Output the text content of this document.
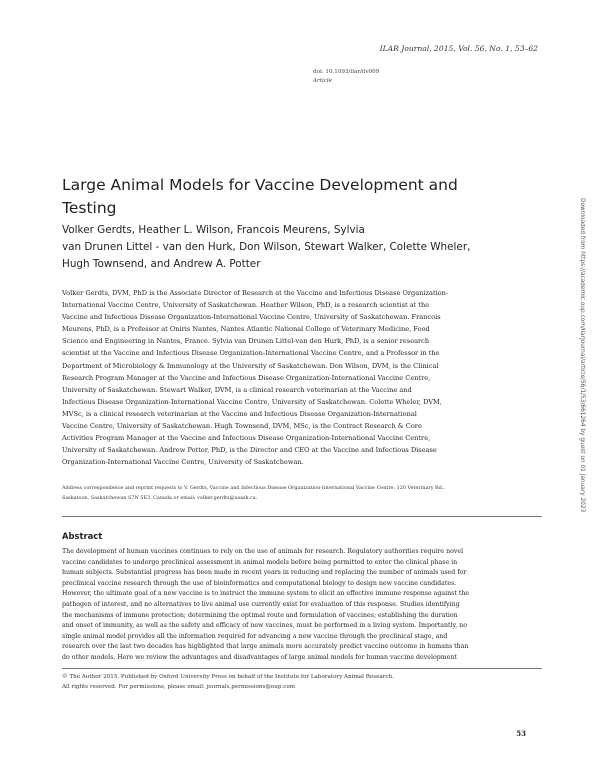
ILAR Journal, 2015, Vol. 56, No. 1, 53–62
doi: 10.1093/ilar/ilv009
Article
Large Animal Models for Vaccine Development and
Testing
Volker Gerdts, Heather L. Wilson, Francois Meurens, Sylvia
van Drunen Littel - van den Hurk, Don Wilson, Stewart Walker, Colette Wheler,
Hugh Townsend, and Andrew A. Potter
Volker Gerdts, DVM, PhD is the Associate Director of Research at the Vaccine and Infectious Disease Organization-
International Vaccine Centre, University of Saskatchewan. Heather Wilson, PhD, is a research scientist at the
Vaccine and Infectious Disease Organization-International Vaccine Centre, University of Saskatchewan. Francois
Meurens, PhD, is a Professor at Oniris Nantes, Nantes Atlantic National College of Veterinary Medicine, Food
Science and Engineering in Nantes, France. Sylvia van Drunen Littel-van den Hurk, PhD, is a senior research
scientist at the Vaccine and Infectious Disease Organization-International Vaccine Centre, and a Professor in the
Department of Microbiology & Immunology at the University of Saskatchewan. Don Wilson, DVM, is the Clinical
Research Program Manager at the Vaccine and Infectious Disease Organization-International Vaccine Centre,
University of Saskatchewan. Stewart Walker, DVM, is a clinical research veterinarian at the Vaccine and
Infectious Disease Organization-International Vaccine Centre, University of Saskatchewan. Colette Wheler, DVM,
MVSc, is a clinical research veterinarian at the Vaccine and Infectious Disease Organization-International
Vaccine Centre, University of Saskatchewan. Hugh Townsend, DVM, MSc, is the Contract Research & Core
Activities Program Manager at the Vaccine and Infectious Disease Organization-International Vaccine Centre,
University of Saskatchewan. Andrew Potter, PhD, is the Director and CEO at the Vaccine and Infectious Disease
Organization-International Vaccine Centre, University of Saskatchewan.
Address correspondence and reprint requests to V. Gerdts, Vaccine and Infectious Disease Organization-International Vaccine Centre, 120 Veterinary Rd.,
Saskatoon, Saskatchewan S7N 5E3, Canada or email: volker.gerdts@usask.ca.
Abstract
The development of human vaccines continues to rely on the use of animals for research. Regulatory authorities require novel
vaccine candidates to undergo preclinical assessment in animal models before being permitted to enter the clinical phase in
human subjects. Substantial progress has been made in recent years in reducing and replacing the number of animals used for
preclinical vaccine research through the use of bioinformatics and computational biology to design new vaccine candidates.
However, the ultimate goal of a new vaccine is to instruct the immune system to elicit an effective immune response against the
pathogen of interest, and no alternatives to live animal use currently exist for evaluation of this response. Studies identifying
the mechanisms of immune protection; determining the optimal route and formulation of vaccines; establishing the duration
and onset of immunity, as well as the safety and efficacy of new vaccines, must be performed in a living system. Importantly, no
single animal model provides all the information required for advancing a new vaccine through the preclinical stage, and
research over the last two decades has highlighted that large animals more accurately predict vaccine outcome in humans than
do other models. Here we review the advantages and disadvantages of large animal models for human vaccine development
© The Author 2015. Published by Oxford University Press on behalf of the Institute for Laboratory Animal Research.
All rights reserved. For permissions, please email: journals.permissions@oup.com
53
Downloaded from https://academic.oup.com/ilarjournal/article/56/1/53/661264 by guest on 01 January 2023
